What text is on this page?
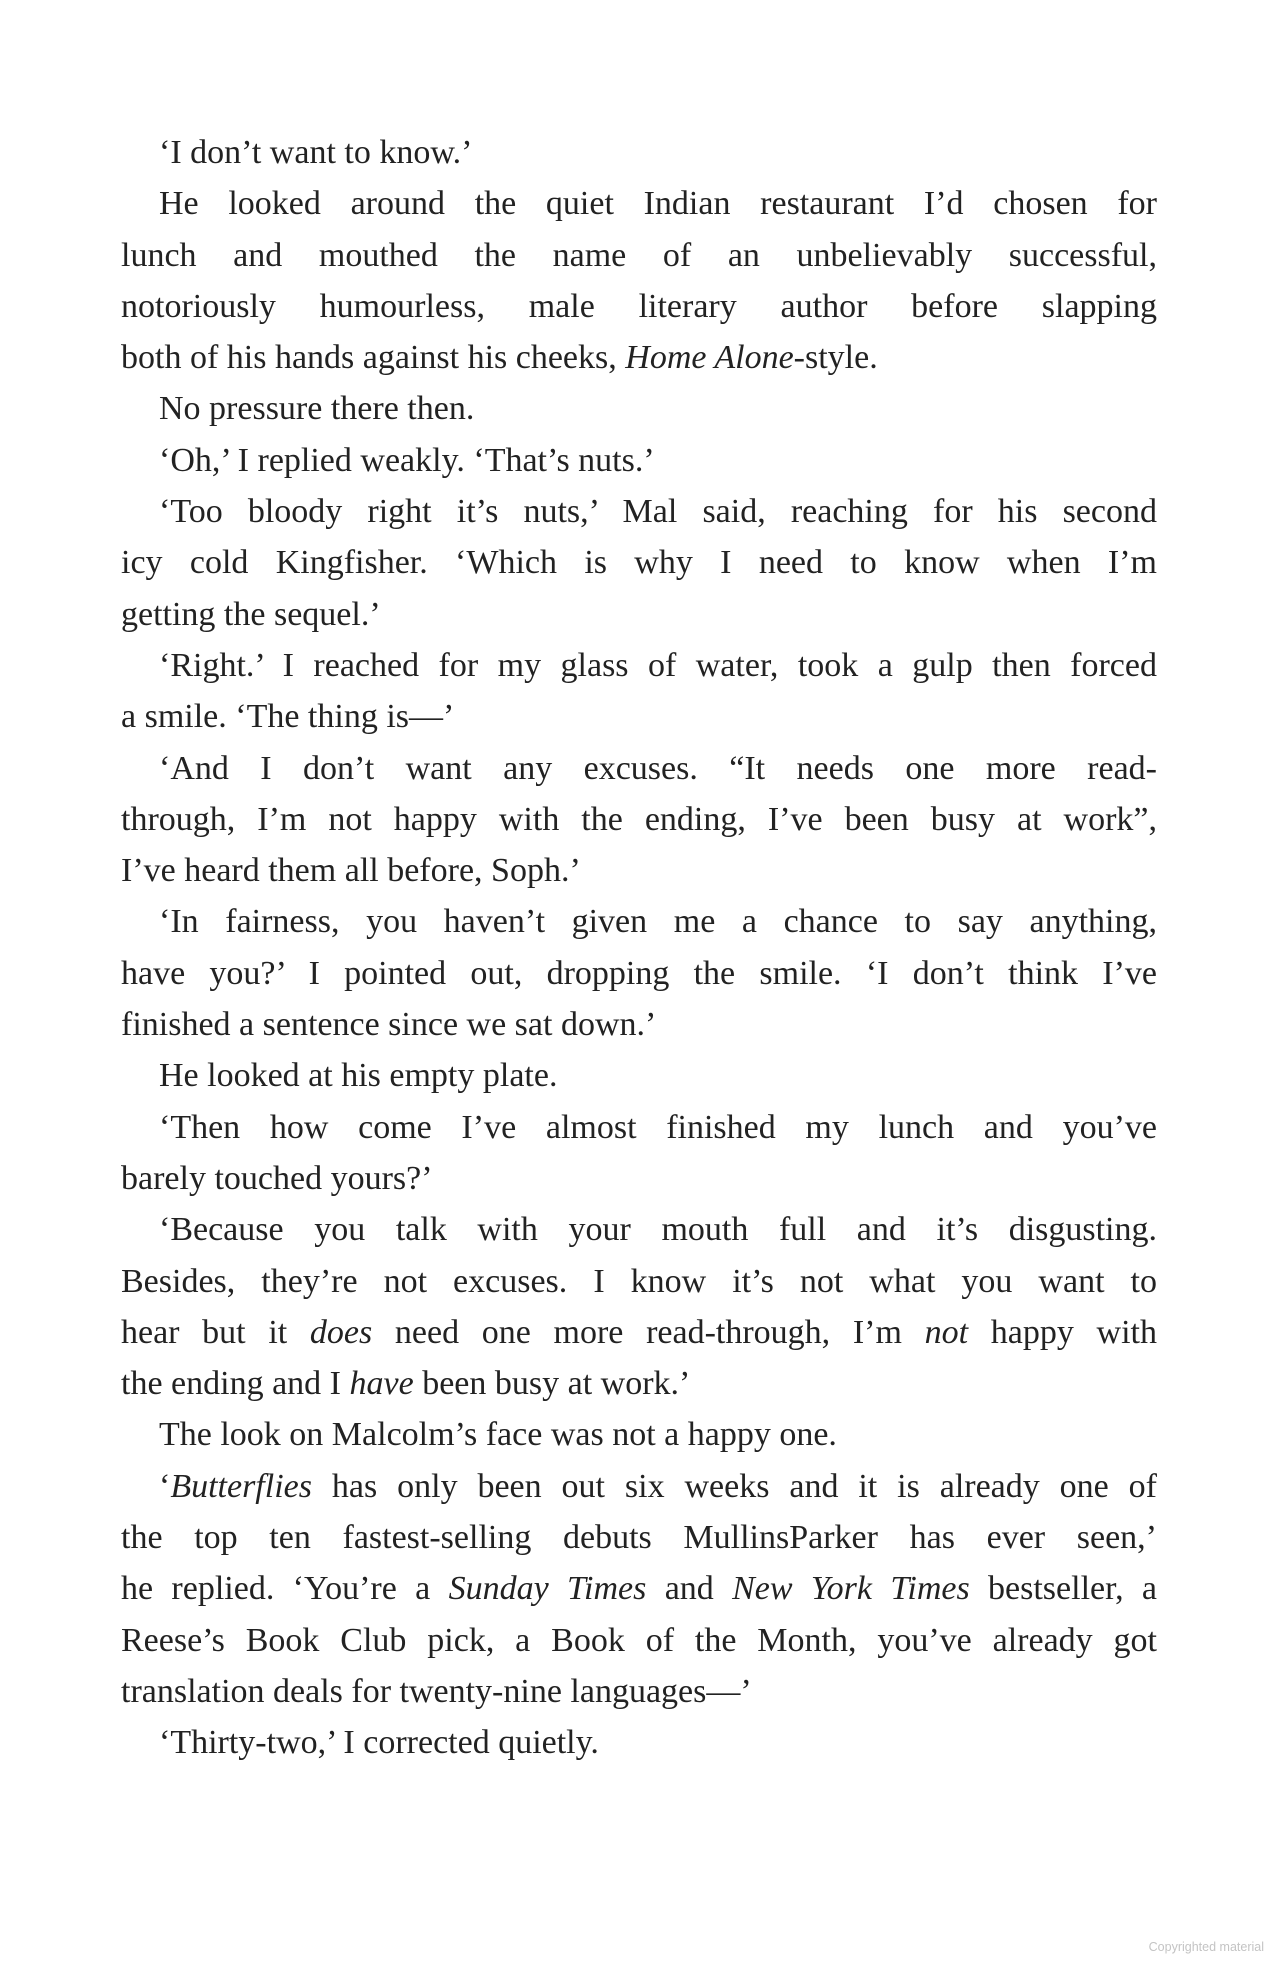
‘I don’t want to know.’
He looked around the quiet Indian restaurant I’d chosen for
lunch and mouthed the name of an unbelievably successful,
notoriously humourless, male literary author before slapping
both of his hands against his cheeks, Home Alone-style.
No pressure there then.
‘Oh,’ I replied weakly. ‘That’s nuts.’
‘Too bloody right it’s nuts,’ Mal said, reaching for his second
icy cold Kingfisher. ‘Which is why I need to know when I’m
getting the sequel.’
‘Right.’ I reached for my glass of water, took a gulp then forced
a smile. ‘The thing is—’
‘And I don’t want any excuses. “It needs one more read-
through, I’m not happy with the ending, I’ve been busy at work”,
I’ve heard them all before, Soph.’
‘In fairness, you haven’t given me a chance to say anything,
have you?’ I pointed out, dropping the smile. ‘I don’t think I’ve
finished a sentence since we sat down.’
He looked at his empty plate.
‘Then how come I’ve almost finished my lunch and you’ve
barely touched yours?’
‘Because you talk with your mouth full and it’s disgusting.
Besides, they’re not excuses. I know it’s not what you want to
hear but it does need one more read-through, I’m not happy with
the ending and I have been busy at work.’
The look on Malcolm’s face was not a happy one.
‘Butterflies has only been out six weeks and it is already one of
the top ten fastest-selling debuts MullinsParker has ever seen,’
he replied. ‘You’re a Sunday Times and New York Times bestseller, a
Reese’s Book Club pick, a Book of the Month, you’ve already got
translation deals for twenty-nine languages—’
‘Thirty-two,’ I corrected quietly.
Copyrighted material
